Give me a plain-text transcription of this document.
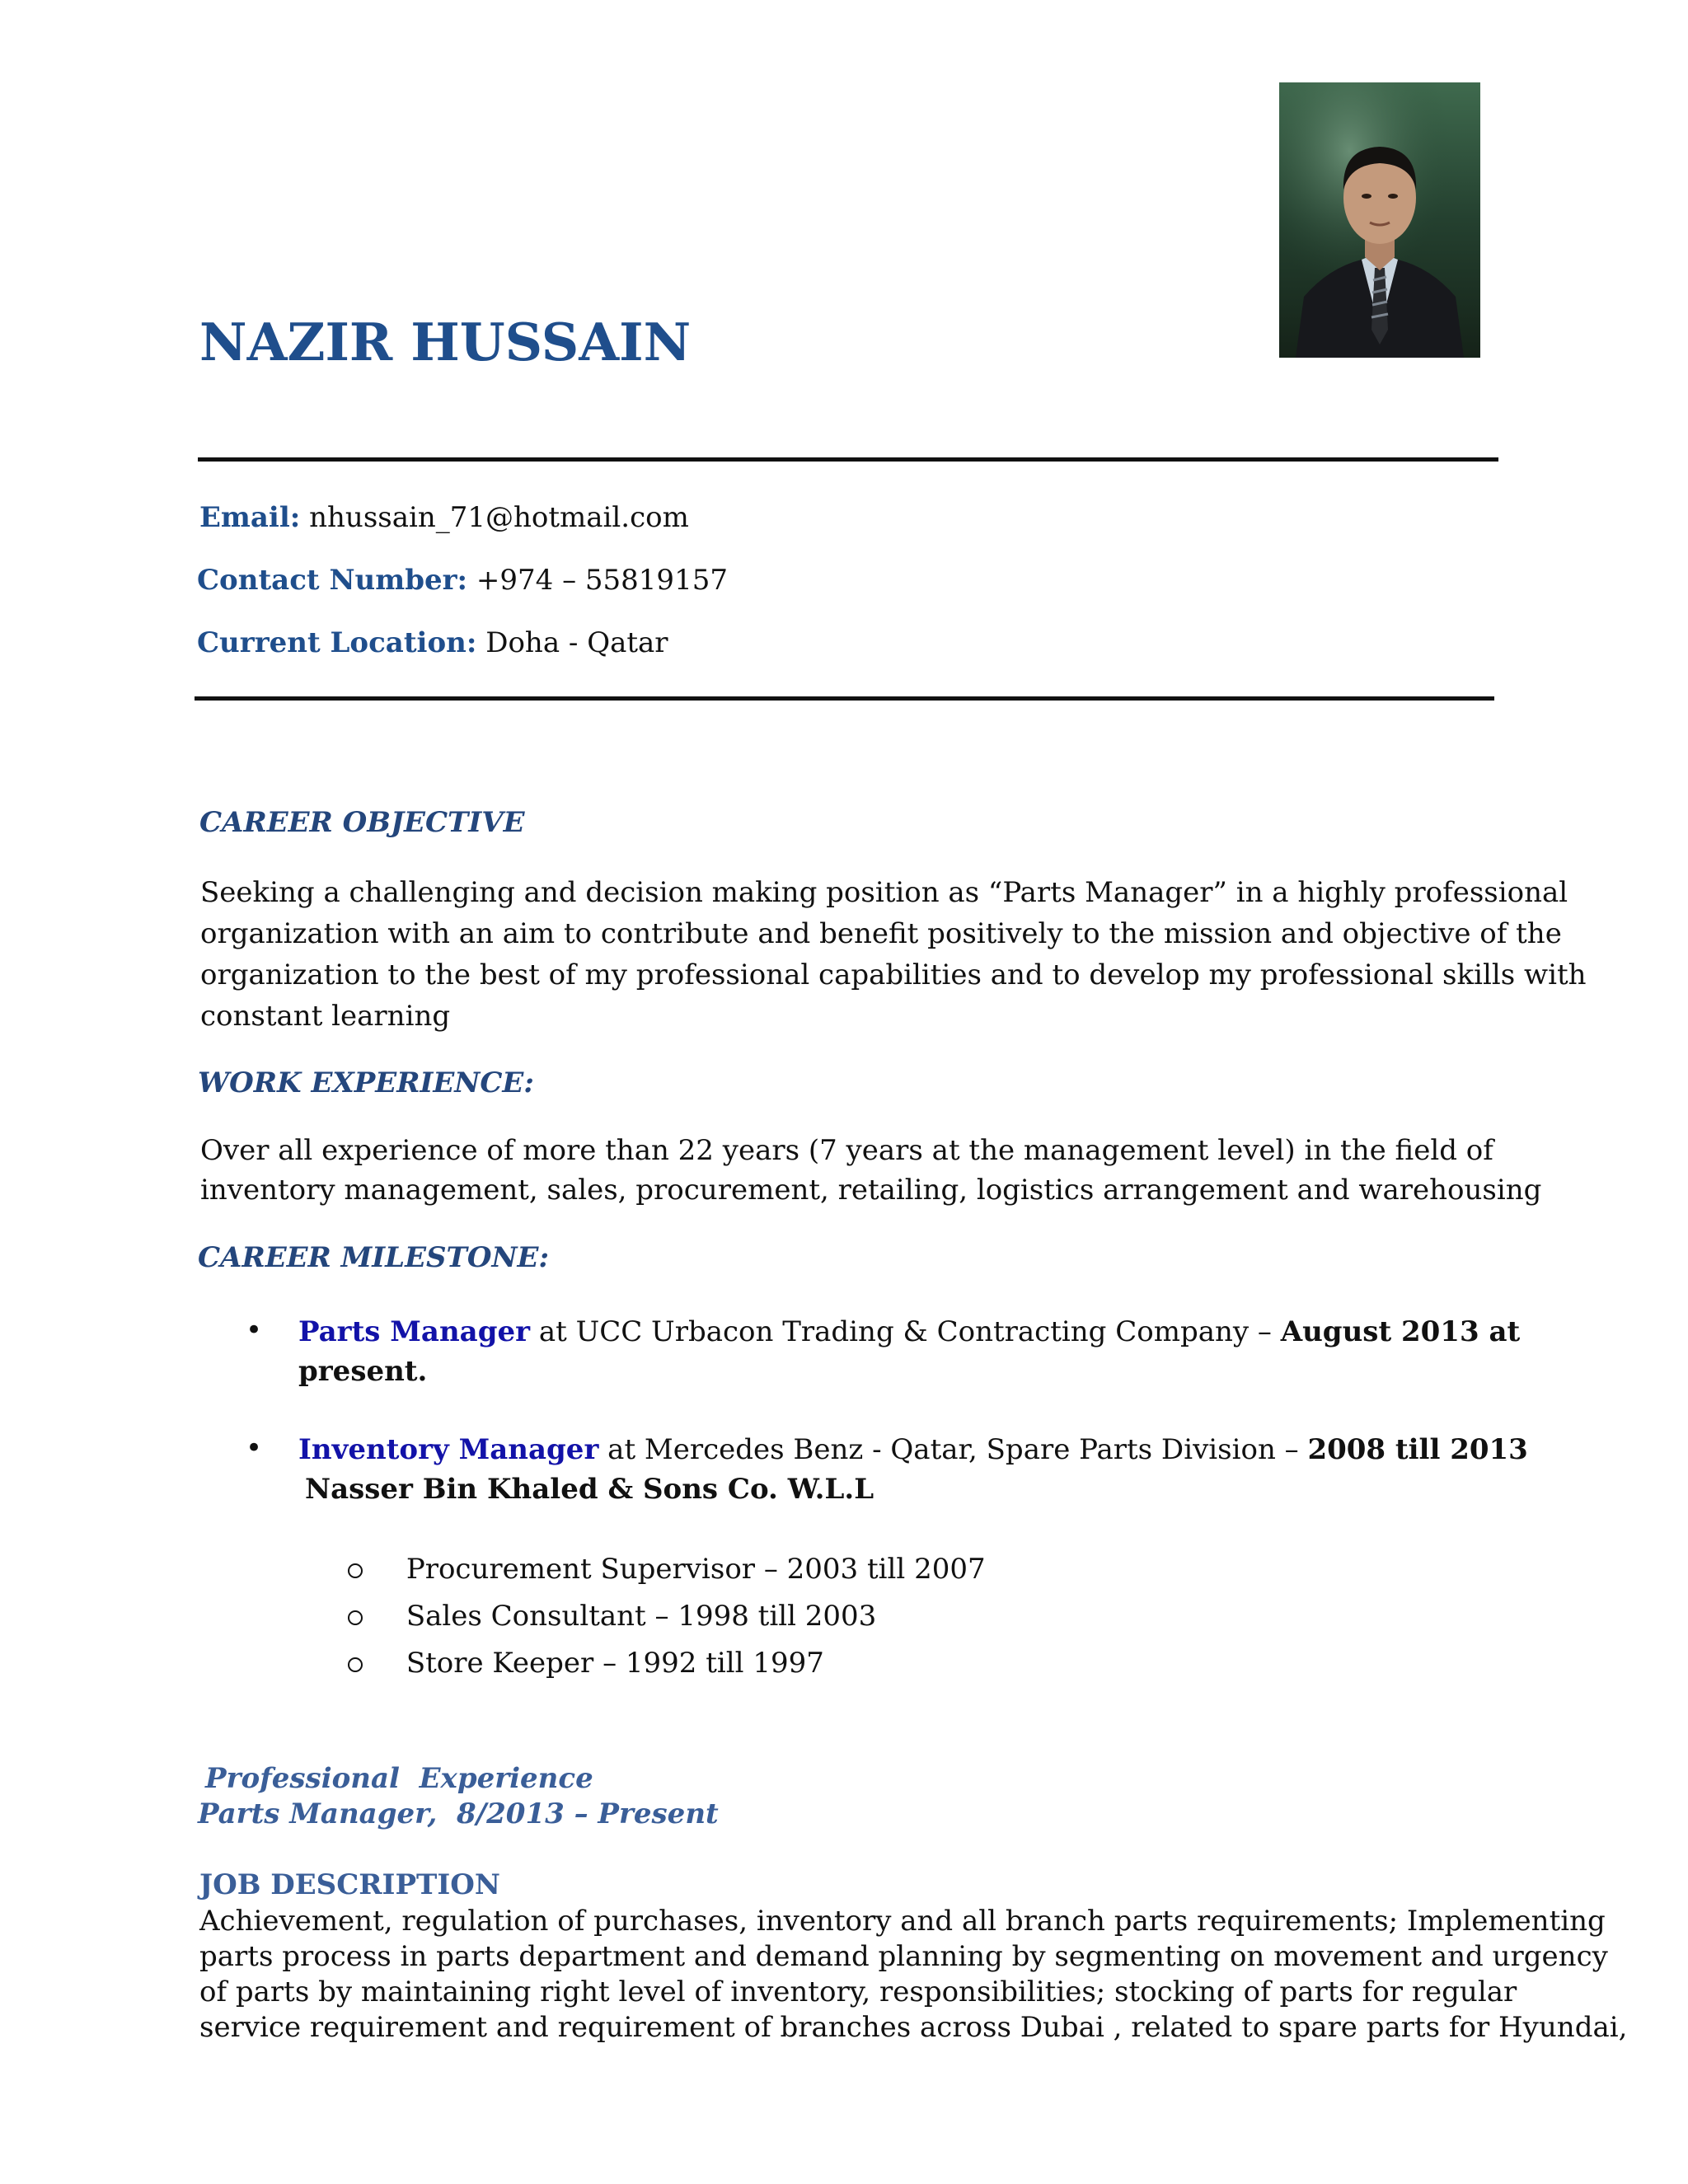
NAZIR HUSSAIN
Email: nhussain_71@hotmail.com
Contact Number: +974 – 55819157
Current Location: Doha - Qatar
CAREER OBJECTIVE
Seeking a challenging and decision making position as “Parts Manager” in a highly professional
organization with an aim to contribute and benefit positively to the mission and objective of the
organization to the best of my professional capabilities and to develop my professional skills with
constant learning
WORK EXPERIENCE:
Over all experience of more than 22 years (7 years at the management level) in the field of
inventory management, sales, procurement, retailing, logistics arrangement and warehousing
CAREER MILESTONE:
• Parts Manager at UCC Urbacon Trading & Contracting Company – August 2013 at
present.
• Inventory Manager at Mercedes Benz - Qatar, Spare Parts Division – 2008 till 2013
Nasser Bin Khaled & Sons Co. W.L.L
Procurement Supervisor – 2003 till 2007
Sales Consultant – 1998 till 2003
Store Keeper – 1992 till 1997
Professional  Experience
Parts Manager,  8/2013 – Present
JOB DESCRIPTION
Achievement, regulation of purchases, inventory and all branch parts requirements; Implementing
parts process in parts department and demand planning by segmenting on movement and urgency
of parts by maintaining right level of inventory, responsibilities; stocking of parts for regular
service requirement and requirement of branches across Dubai , related to spare parts for Hyundai,
